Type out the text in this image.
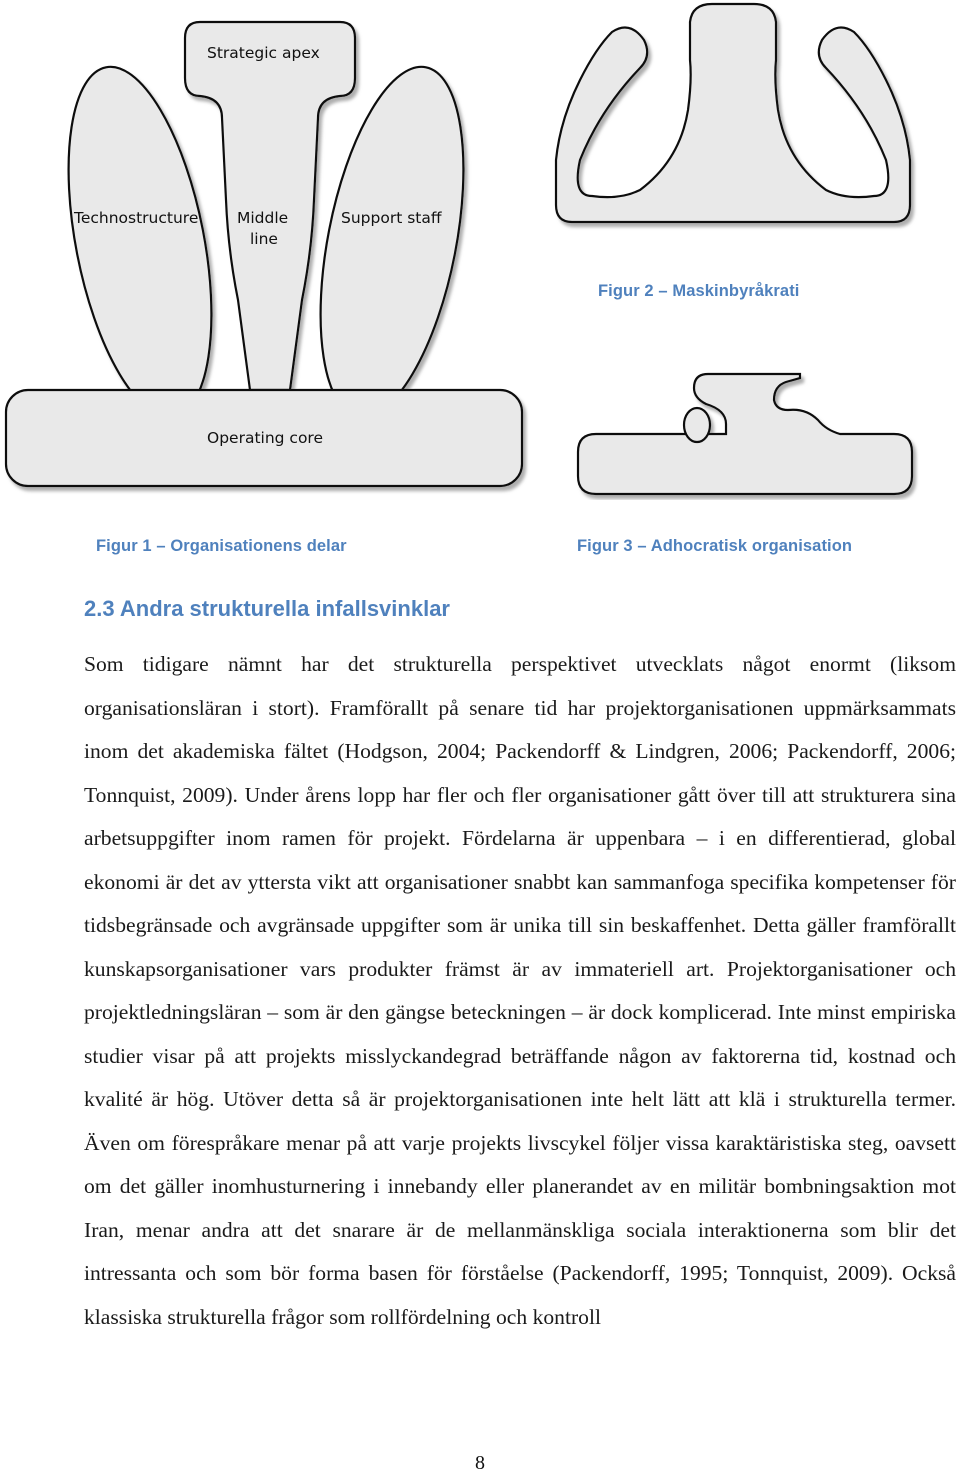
Strategic apex
Technostructure Middle
line
Support staff
Operating core
Figur 2 – Maskinbyråkrati
Figur 1 – Organisationens delar	Figur 3 – Adhocratisk organisation
2.3 Andra strukturella infallsvinklar

Som tidigare nämnt har det strukturella perspektivet utvecklats något enormt (liksom organisationsläran i stort). Framförallt på senare tid har projektorganisationen uppmärksammats inom det akademiska fältet (Hodgson, 2004; Packendorff & Lindgren, 2006; Packendorff, 2006; Tonnquist, 2009). Under årens lopp har fler och fler organisationer gått över till att strukturera sina arbetsuppgifter inom ramen för projekt. Fördelarna är uppenbara – i en differentierad, global ekonomi är det av yttersta vikt att organisationer snabbt kan sammanfoga specifika kompetenser för tidsbegränsade och avgränsade uppgifter som är unika till sin beskaffenhet. Detta gäller framförallt kunskapsorganisationer vars produkter främst är av immateriell art. Projektorganisationer och projektledningsläran – som är den gängse beteckningen – är dock komplicerad. Inte minst empiriska studier visar på att projekts misslyckandegrad beträffande någon av faktorerna tid, kostnad och kvalité är hög. Utöver detta så är projektorganisationen inte helt lätt att klä i strukturella termer. Även om förespråkare menar på att varje projekts livscykel följer vissa karaktäristiska steg, oavsett om det gäller inomhusturnering i innebandy eller planerandet av en militär bombningsaktion mot Iran, menar andra att det snarare är de mellanmänskliga sociala interaktionerna som blir det intressanta och som bör forma basen för förståelse (Packendorff, 1995; Tonnquist, 2009). Också klassiska strukturella frågor som rollfördelning och kontroll

8
